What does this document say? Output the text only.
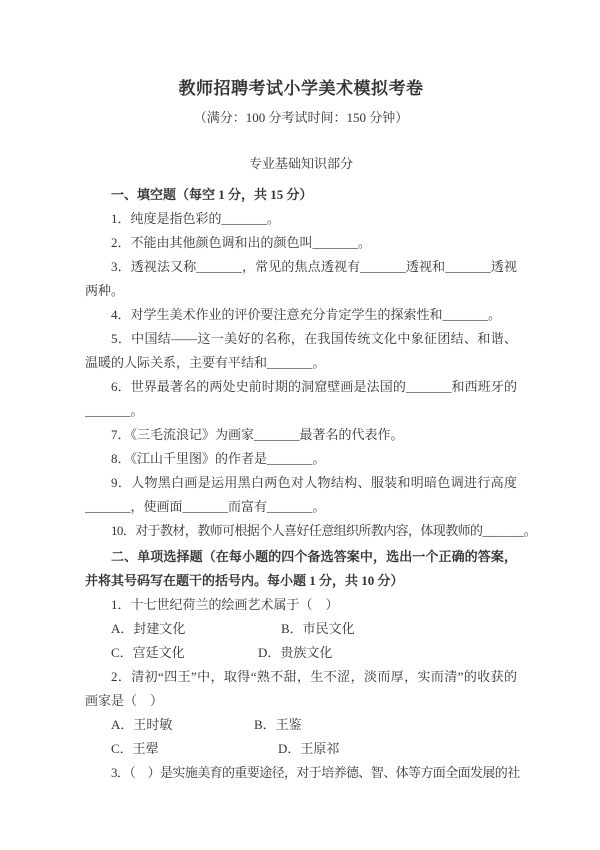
教师招聘考试小学美术模拟考卷
（满分：100 分考试时间：150 分钟）
专业基础知识部分
一、填空题（每空 1 分，共 15 分）

1．纯度是指色彩的_______。

2．不能由其他颜色调和出的颜色叫_______。

3．透视法又称_______，常见的焦点透视有_______透视和_______透视两种。

4．对学生美术作业的评价要注意充分肯定学生的探索性和_______。

5．中国结——这一美好的名称，在我国传统文化中象征团结、和谐、温暖的人际关系，主要有平结和_______。

6．世界最著名的两处史前时期的洞窟壁画是法国的_______和西班牙的_______。

7．《三毛流浪记》为画家_______最著名的代表作。

8．《江山千里图》的作者是_______。

9．人物黑白画是运用黑白两色对人物结构、服装和明暗色调进行高度_______，使画面_______而富有_______。

10．对于教材，教师可根据个人喜好任意组织所教内容，体现教师的_______。

二、单项选择题（在每小题的四个备选答案中，选出一个正确的答案，并将其号码写在题干的括号内。每小题 1 分，共 10 分）

1．十七世纪荷兰的绘画艺术属于（　）

A．封建文化	B．市民文化

C．宫廷文化	D．贵族文化

2．清初“四王”中，取得“熟不甜，生不涩，淡而厚，实而清”的收获的画家是（　）

A．王时敏	B．王鉴

C．王翚	D．王原祁

3．（　）是实施美育的重要途径，对于培养德、智、体等方面全面发展的社
